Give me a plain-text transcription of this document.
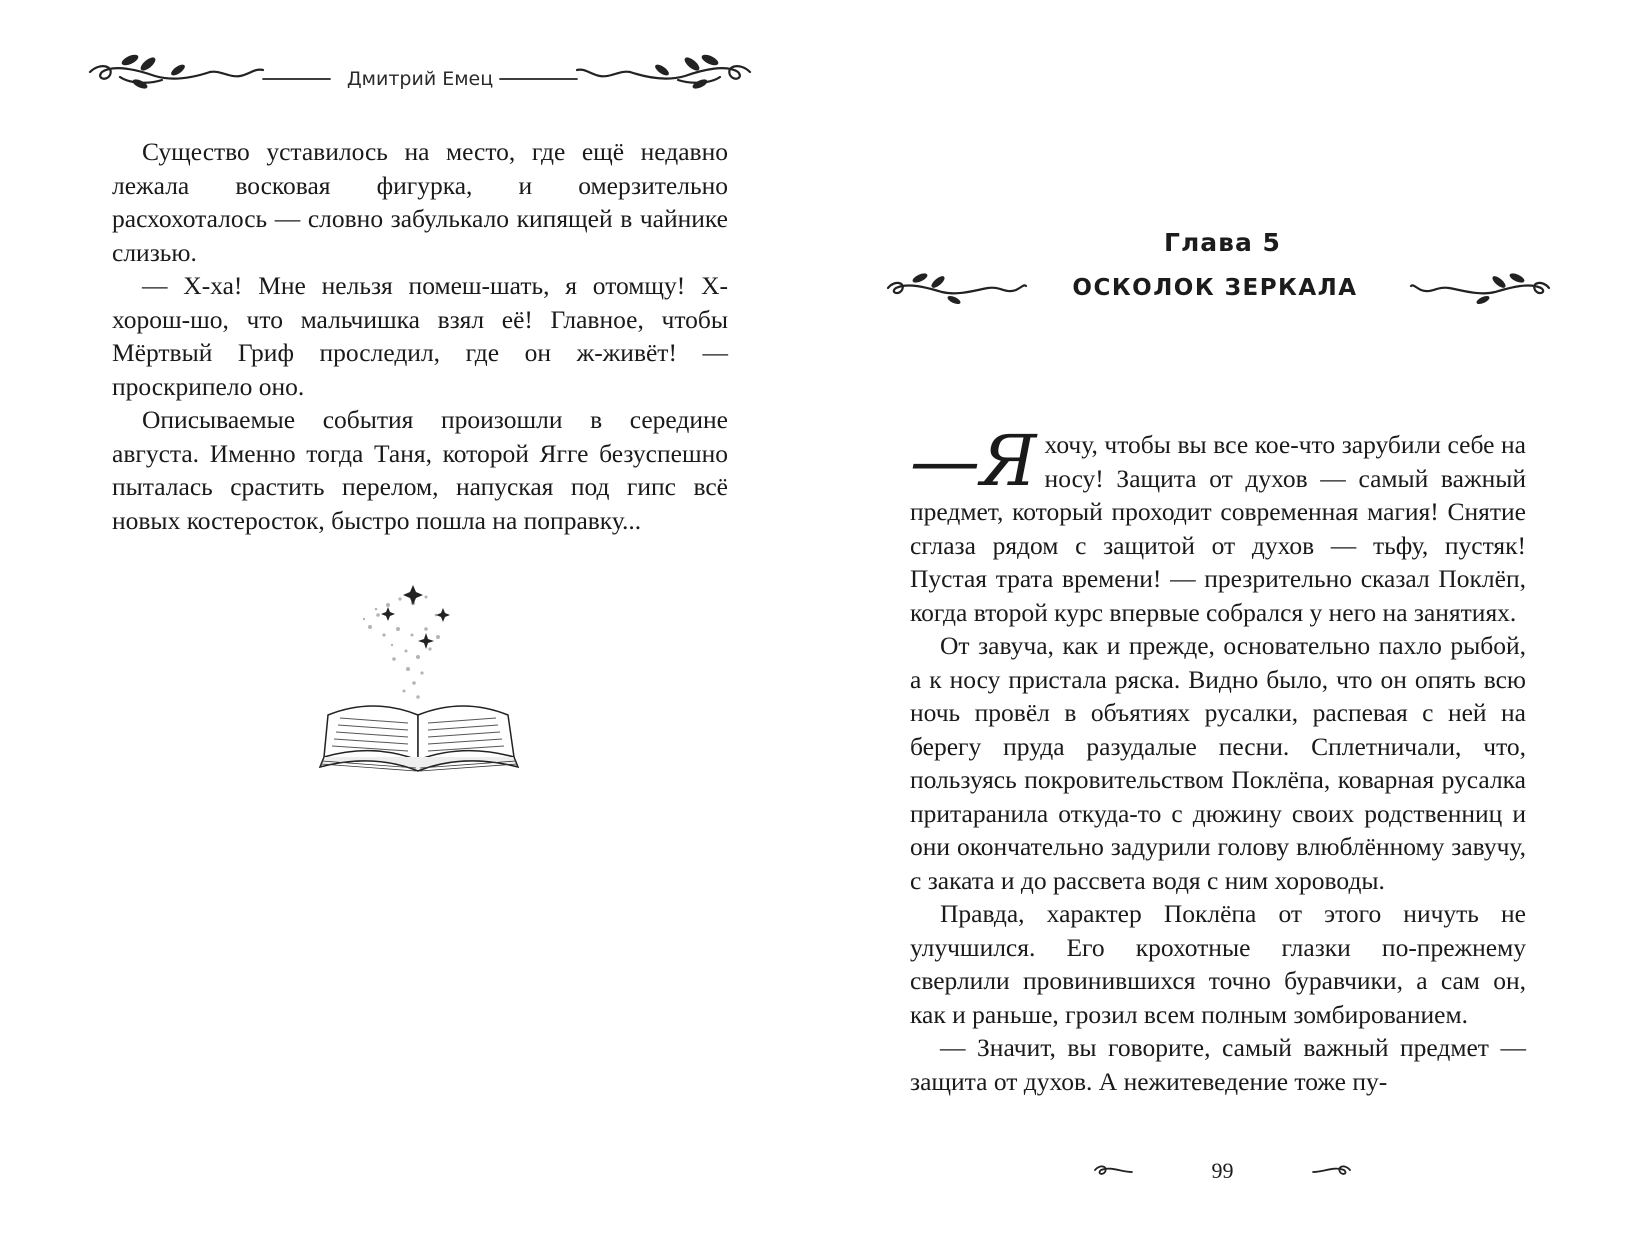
Дмитрий Емец

Существо уставилось на место, где ещё недавно лежала восковая фигурка, и омерзительно расхохоталось — словно забулькало кипящей в чайнике слизью.

— Х-ха! Мне нельзя помеш-шать, я отомщу! Х-хорош-шо, что мальчишка взял её! Главное, чтобы Мёртвый Гриф проследил, где он ж-живёт! — проскрипело оно.

Описываемые события произошли в середине августа. Именно тогда Таня, которой Ягге безуспешно пыталась срастить перелом, напуская под гипс всё новых костеросток, быстро пошла на поправку...

Глава 5
ОСКОЛОК ЗЕРКАЛА

—Я хочу, чтобы вы все кое-что зарубили себе на носу! Защита от духов — самый важный предмет, который проходит современная магия! Снятие сглаза рядом с защитой от духов — тьфу, пустяк! Пустая трата времени! — презрительно сказал Поклёп, когда второй курс впервые собрался у него на занятиях.

От завуча, как и прежде, основательно пахло рыбой, а к носу пристала ряска. Видно было, что он опять всю ночь провёл в объятиях русалки, распевая с ней на берегу пруда разудалые песни. Сплетничали, что, пользуясь покровительством Поклёпа, коварная русалка притаранила откуда-то с дюжину своих родственниц и они окончательно задурили голову влюблённому завучу, с заката и до рассвета водя с ним хороводы.

Правда, характер Поклёпа от этого ничуть не улучшился. Его крохотные глазки по-прежнему сверлили провинившихся точно буравчики, а сам он, как и раньше, грозил всем полным зомбированием.

— Значит, вы говорите, самый важный предмет — защита от духов. А нежитеведение тоже пу-

99
